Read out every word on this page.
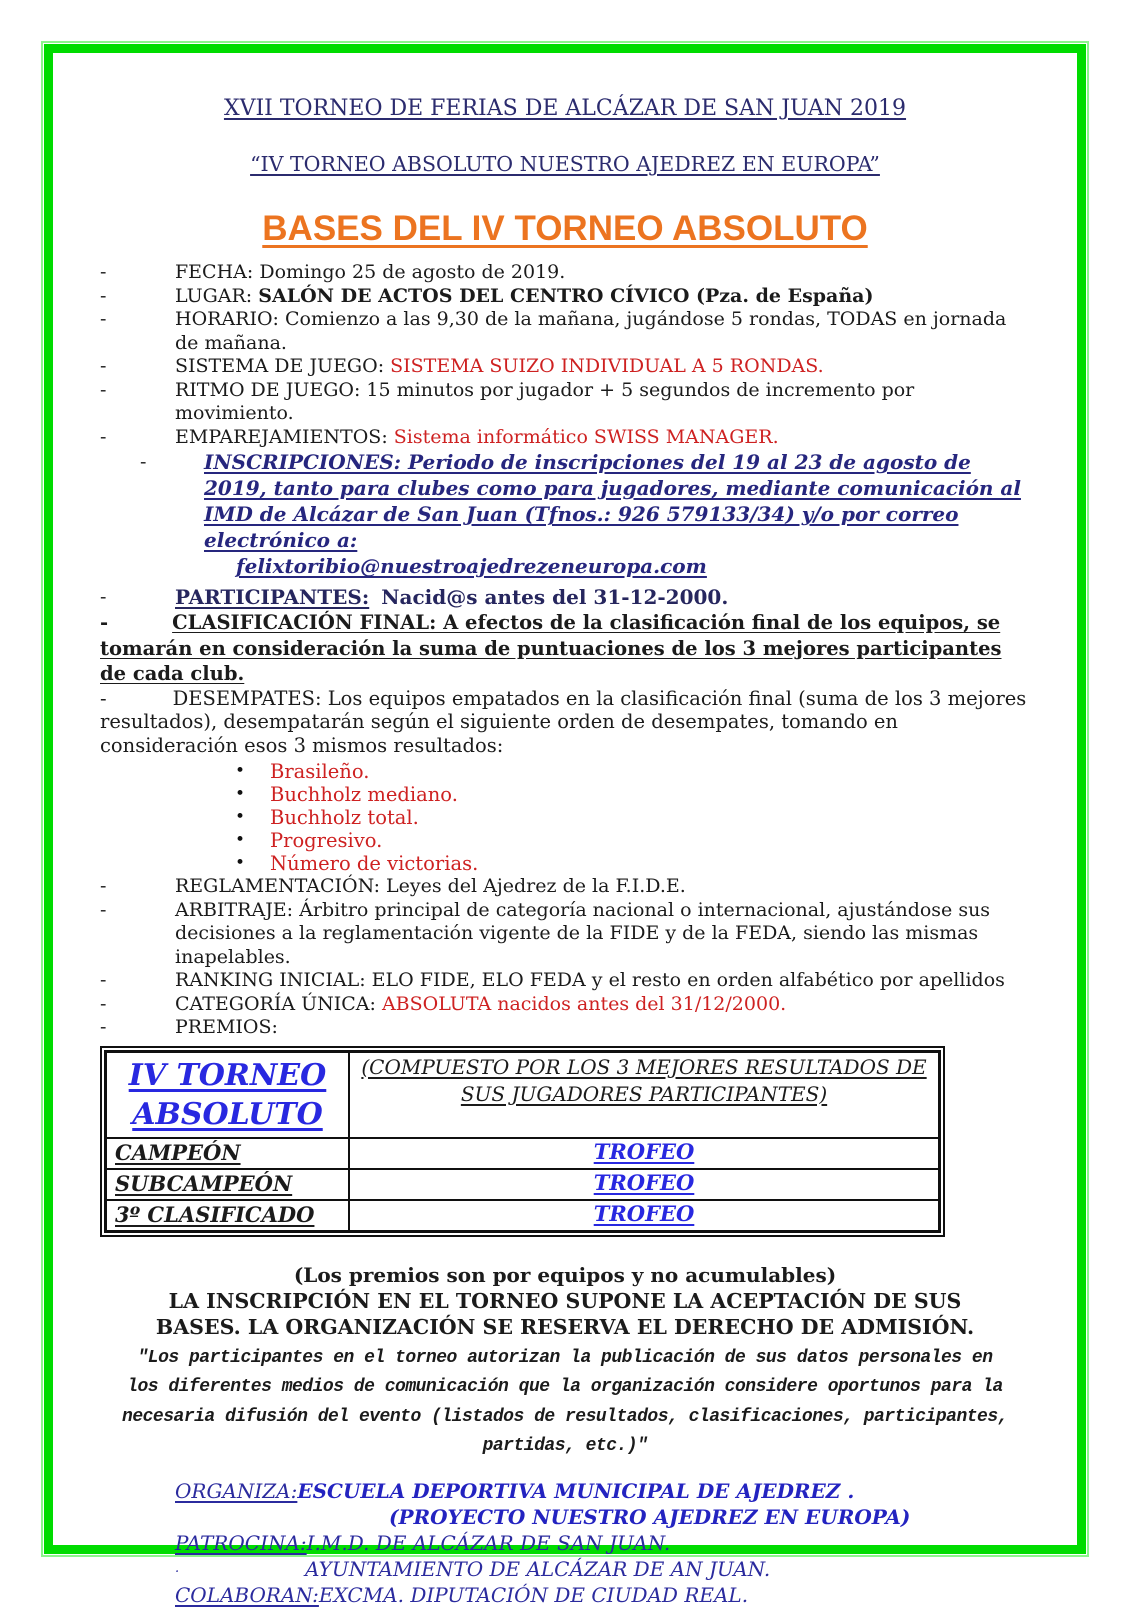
XVII TORNEO DE FERIAS DE ALCÁZAR DE SAN JUAN 2019
“IV TORNEO ABSOLUTO NUESTRO AJEDREZ EN EUROPA”
BASES DEL IV TORNEO ABSOLUTO
-	FECHA: Domingo 25 de agosto de 2019.
-	LUGAR: SALÓN DE ACTOS DEL CENTRO CÍVICO (Pza. de España)
-	HORARIO: Comienzo a las 9,30 de la mañana, jugándose 5 rondas, TODAS en jornada de mañana.
-	SISTEMA DE JUEGO: SISTEMA SUIZO INDIVIDUAL A 5 RONDAS.
-	RITMO DE JUEGO: 15 minutos por jugador + 5 segundos de incremento por movimiento.
-	EMPAREJAMIENTOS: Sistema informático SWISS MANAGER.
-	INSCRIPCIONES: Periodo de inscripciones del 19 al 23 de agosto de 2019, tanto para clubes como para jugadores, mediante comunicación al IMD de Alcázar de San Juan (Tfnos.: 926 579133/34) y/o por correo electrónico a:
felixtoribio@nuestroajedrezeneuropa.com
-	PARTICIPANTES: Nacid@s antes del 31-12-2000.

-	CLASIFICACIÓN FINAL: A efectos de la clasificación final de los equipos, se tomarán en consideración la suma de puntuaciones de los 3 mejores participantes de cada club.

-	DESEMPATES: Los equipos empatados en la clasificación final (suma de los 3 mejores resultados), desempatarán según el siguiente orden de desempates, tomando en consideración esos 3 mismos resultados:

•	Brasileño.
•	Buchholz mediano.
•	Buchholz total.
•	Progresivo.
•	Número de victorias.
-	REGLAMENTACIÓN: Leyes del Ajedrez de la F.I.D.E.
-	ARBITRAJE: Árbitro principal de categoría nacional o internacional, ajustándose sus decisiones a la reglamentación vigente de la FIDE y de la FEDA, siendo las mismas inapelables.
-	RANKING INICIAL: ELO FIDE, ELO FEDA y el resto en orden alfabético por apellidos
-	CATEGORÍA ÚNICA: ABSOLUTA nacidos antes del 31/12/2000.
-	PREMIOS:
IV TORNEO ABSOLUTO	(COMPUESTO POR LOS 3 MEJORES RESULTADOS DE SUS JUGADORES PARTICIPANTES)
CAMPEÓN	TROFEO
SUBCAMPEÓN	TROFEO
3º CLASIFICADO	TROFEO
(Los premios son por equipos y no acumulables)
LA INSCRIPCIÓN EN EL TORNEO SUPONE LA ACEPTACIÓN DE SUS BASES. LA ORGANIZACIÓN SE RESERVA EL DERECHO DE ADMISIÓN.
"Los participantes en el torneo autorizan la publicación de sus datos personales en los diferentes medios de comunicación que la organización considere oportunos para la necesaria difusión del evento (listados de resultados, clasificaciones, participantes, partidas, etc.)"
ORGANIZA: ESCUELA DEPORTIVA MUNICIPAL DE AJEDREZ .
(PROYECTO NUESTRO AJEDREZ EN EUROPA)
PATROCINA: I.M.D. DE ALCÁZAR DE SAN JUAN.
.	AYUNTAMIENTO DE ALCÁZAR DE AN JUAN.
COLABORAN: EXCMA. DIPUTACIÓN DE CIUDAD REAL.
